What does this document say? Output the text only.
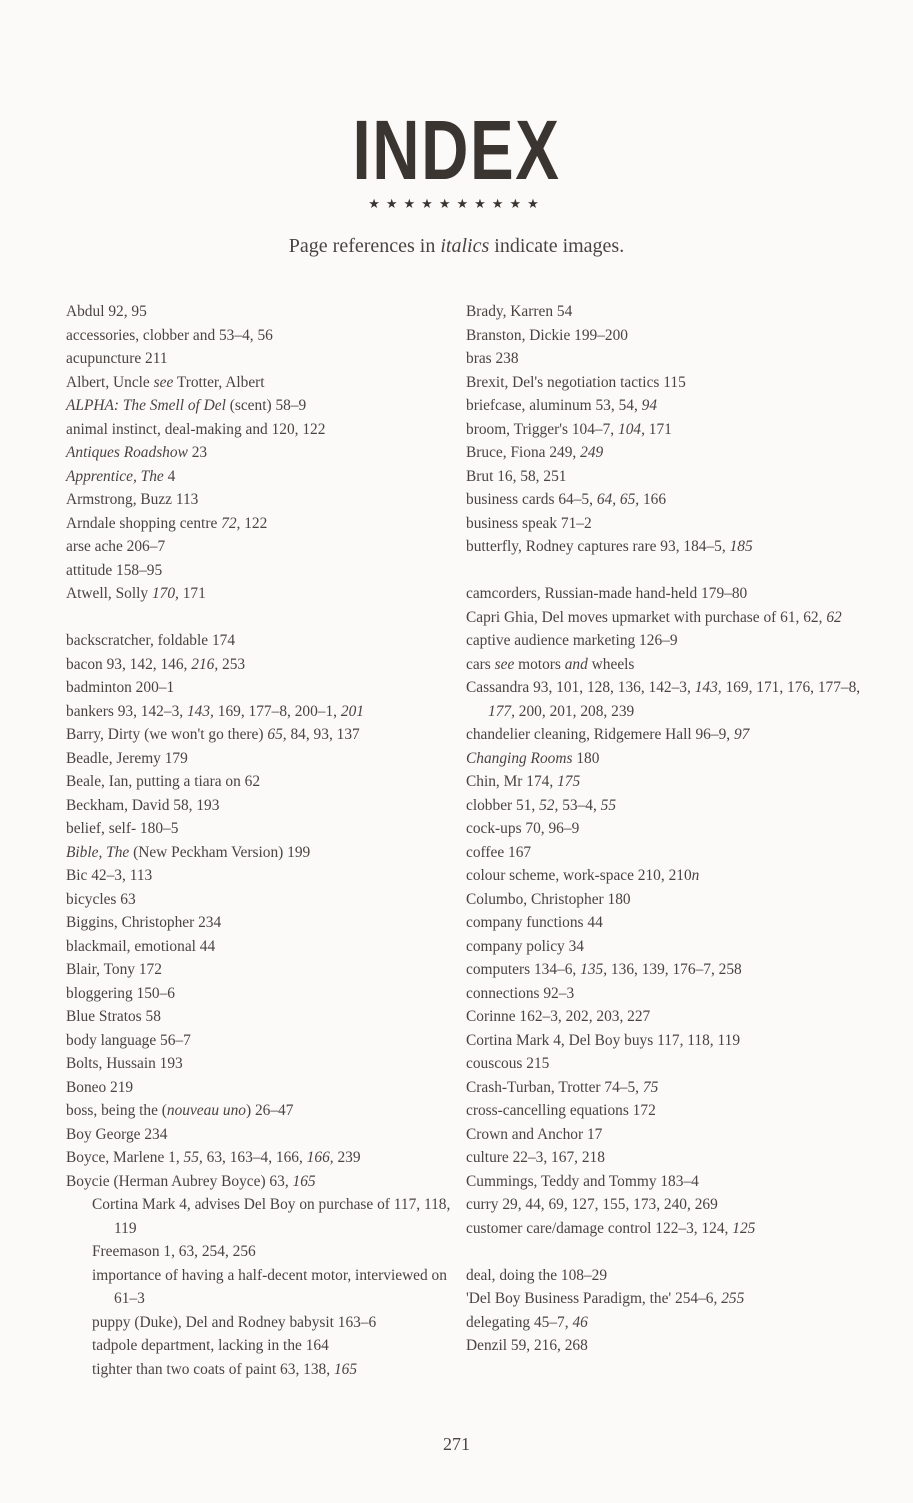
INDEX
★★★★★★★★★★
Page references in italics indicate images.
Abdul 92, 95
accessories, clobber and 53–4, 56
acupuncture 211
Albert, Uncle see Trotter, Albert
ALPHA: The Smell of Del (scent) 58–9
animal instinct, deal-making and 120, 122
Antiques Roadshow 23
Apprentice, The 4
Armstrong, Buzz 113
Arndale shopping centre 72, 122
arse ache 206–7
attitude 158–95
Atwell, Solly 170, 171
backscratcher, foldable 174
bacon 93, 142, 146, 216, 253
badminton 200–1
bankers 93, 142–3, 143, 169, 177–8, 200–1, 201
Barry, Dirty (we won't go there) 65, 84, 93, 137
Beadle, Jeremy 179
Beale, Ian, putting a tiara on 62
Beckham, David 58, 193
belief, self- 180–5
Bible, The (New Peckham Version) 199
Bic 42–3, 113
bicycles 63
Biggins, Christopher 234
blackmail, emotional 44
Blair, Tony 172
bloggering 150–6
Blue Stratos 58
body language 56–7
Bolts, Hussain 193
Boneo 219
boss, being the (nouveau uno) 26–47
Boy George 234
Boyce, Marlene 1, 55, 63, 163–4, 166, 166, 239
Boycie (Herman Aubrey Boyce) 63, 165
Cortina Mark 4, advises Del Boy on purchase of 117, 118, 119
Freemason 1, 63, 254, 256
importance of having a half-decent motor, interviewed on 61–3
puppy (Duke), Del and Rodney babysit 163–6
tadpole department, lacking in the 164
tighter than two coats of paint 63, 138, 165
Brady, Karren 54
Branston, Dickie 199–200
bras 238
Brexit, Del's negotiation tactics 115
briefcase, aluminum 53, 54, 94
broom, Trigger's 104–7, 104, 171
Bruce, Fiona 249, 249
Brut 16, 58, 251
business cards 64–5, 64, 65, 166
business speak 71–2
butterfly, Rodney captures rare 93, 184–5, 185
camcorders, Russian-made hand-held 179–80
Capri Ghia, Del moves upmarket with purchase of 61, 62, 62
captive audience marketing 126–9
cars see motors and wheels
Cassandra 93, 101, 128, 136, 142–3, 143, 169, 171, 176, 177–8, 177, 200, 201, 208, 239
chandelier cleaning, Ridgemere Hall 96–9, 97
Changing Rooms 180
Chin, Mr 174, 175
clobber 51, 52, 53–4, 55
cock-ups 70, 96–9
coffee 167
colour scheme, work-space 210, 210n
Columbo, Christopher 180
company functions 44
company policy 34
computers 134–6, 135, 136, 139, 176–7, 258
connections 92–3
Corinne 162–3, 202, 203, 227
Cortina Mark 4, Del Boy buys 117, 118, 119
couscous 215
Crash-Turban, Trotter 74–5, 75
cross-cancelling equations 172
Crown and Anchor 17
culture 22–3, 167, 218
Cummings, Teddy and Tommy 183–4
curry 29, 44, 69, 127, 155, 173, 240, 269
customer care/damage control 122–3, 124, 125
deal, doing the 108–29
'Del Boy Business Paradigm, the' 254–6, 255
delegating 45–7, 46
Denzil 59, 216, 268
271
